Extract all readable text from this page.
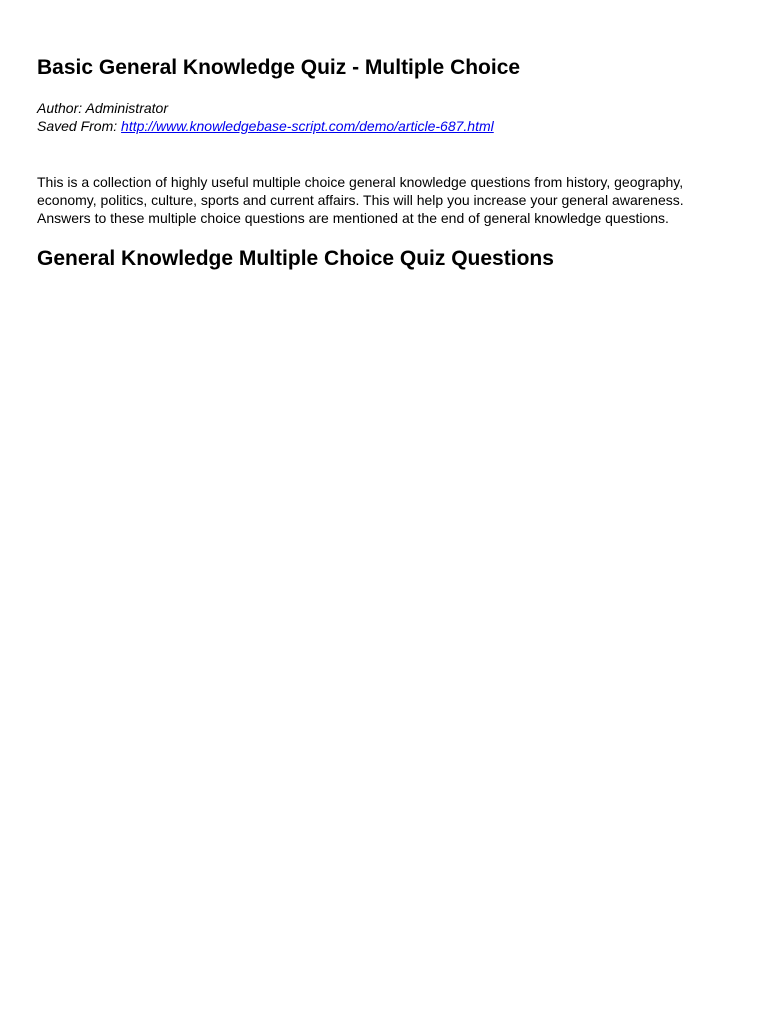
Basic General Knowledge Quiz - Multiple Choice
Author: Administrator
Saved From: http://www.knowledgebase-script.com/demo/article-687.html

This is a collection of highly useful multiple choice general knowledge questions from history, geography,
economy, politics, culture, sports and current affairs. This will help you increase your general awareness.
Answers to these multiple choice questions are mentioned at the end of general knowledge questions.

General Knowledge Multiple Choice Quiz Questions
